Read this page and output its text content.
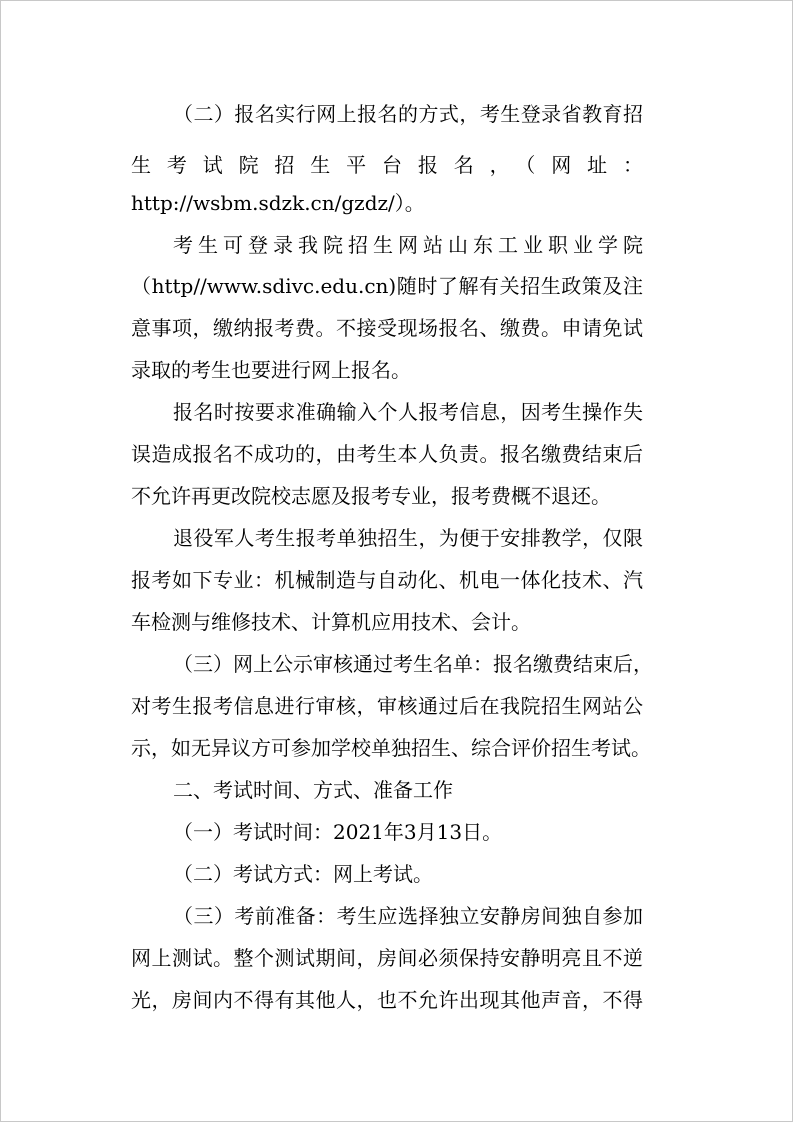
（二）报名实行网上报名的方式，考生登录省教育招
生考试院招生平台报名，（网址：
http://wsbm.sdzk.cn/gzdz/）。
考生可登录我院招生网站山东工业职业学院
（http//www.sdivc.edu.cn)随时了解有关招生政策及注
意事项，缴纳报考费。不接受现场报名、缴费。申请免试
录取的考生也要进行网上报名。
报名时按要求准确输入个人报考信息，因考生操作失
误造成报名不成功的，由考生本人负责。报名缴费结束后
不允许再更改院校志愿及报考专业，报考费概不退还。
退役军人考生报考单独招生，为便于安排教学，仅限
报考如下专业：机械制造与自动化、机电一体化技术、汽
车检测与维修技术、计算机应用技术、会计。
（三）网上公示审核通过考生名单：报名缴费结束后，
对考生报考信息进行审核，审核通过后在我院招生网站公
示，如无异议方可参加学校单独招生、综合评价招生考试。
二、考试时间、方式、准备工作
（一）考试时间：2021年3月13日。
（二）考试方式：网上考试。
（三）考前准备：考生应选择独立安静房间独自参加
网上测试。整个测试期间，房间必须保持安静明亮且不逆
光，房间内不得有其他人，也不允许出现其他声音，不得
